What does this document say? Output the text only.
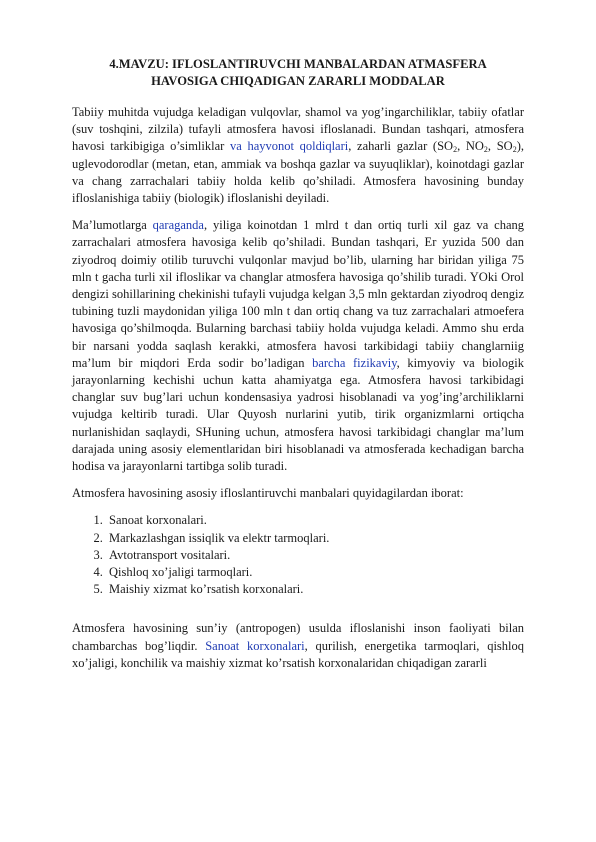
4.MAVZU: IFLOSLANTIRUVCHI MANBALARDAN ATMASFERA
HAVOSIGA CHIQADIGAN ZARARLI MODDALAR

Tabiiy muhitda vujudga keladigan vulqovlar, shamol va yog’ingarchiliklar, tabiiy ofatlar (suv toshqini, zilzila) tufayli atmosfera havosi ifloslanadi. Bundan tashqari, atmosfera havosi tarkibigiga o’simliklar va hayvonot qoldiqlari, zaharli gazlar ($SO_2$, $NO_2$, $SO_2$), uglevodorodlar (metan, etan, ammiak va boshqa gazlar va suyuqliklar), koinotdagi gazlar va chang zarrachalari tabiiy holda kelib qo’shiladi. Atmosfera havosining bunday ifloslanishiga tabiiy (biologik) ifloslanishi deyiladi.

Ma’lumotlarga qaraganda, yiliga koinotdan 1 mlrd t dan ortiq turli xil gaz va chang zarrachalari atmosfera havosiga kelib qo’shiladi. Bundan tashqari, Er yuzida 500 dan ziyodroq doimiy otilib turuvchi vulqonlar mavjud bo’lib, ularning har biridan yiliga 75 mln t gacha turli xil ifloslikar va changlar atmosfera havosiga qo’shilib turadi. YOki Orol dengizi sohillarining chekinishi tufayli vujudga kelgan 3,5 mln gektardan ziyodroq dengiz tubining tuzli maydonidan yiliga 100 mln t dan ortiq chang va tuz zarrachalari atmoefera havosiga qo’shilmoqda. Bularning barchasi tabiiy holda vujudga keladi. Ammo shu erda bir narsani yodda saqlash kerakki, atmosfera havosi tarkibidagi tabiiy changlarniig ma’lum bir miqdori Erda sodir bo’ladigan barcha fizikaviy, kimyoviy va biologik jarayonlarning kechishi uchun katta ahamiyatga ega. Atmosfera havosi tarkibidagi changlar suv bug’lari uchun kondensasiya yadrosi hisoblanadi va yog’ing’archiliklarni vujudga keltirib turadi. Ular Quyosh nurlarini yutib, tirik organizmlarni ortiqcha nurlanishidan saqlaydi, SHuning uchun, atmosfera havosi tarkibidagi changlar ma’lum darajada uning asosiy elementlaridan biri hisoblanadi va atmosferada kechadigan barcha hodisa va jarayonlarni tartibga solib turadi.

Atmosfera havosining asosiy ifloslantiruvchi manbalari quyidagilardan iborat:

1. Sanoat korxonalari.
2. Markazlashgan issiqlik va elektr tarmoqlari.
3. Avtotransport vositalari.
4. Qishloq xo’jaligi tarmoqlari.
5. Maishiy xizmat ko’rsatish korxonalari.

Atmosfera havosining sun’iy (antropogen) usulda ifloslanishi inson faoliyati bilan chambarchas bog’liqdir. Sanoat korxonalari, qurilish, energetika tarmoqlari, qishloq xo’jaligi, konchilik va maishiy xizmat ko’rsatish korxonalaridan chiqadigan zararli
